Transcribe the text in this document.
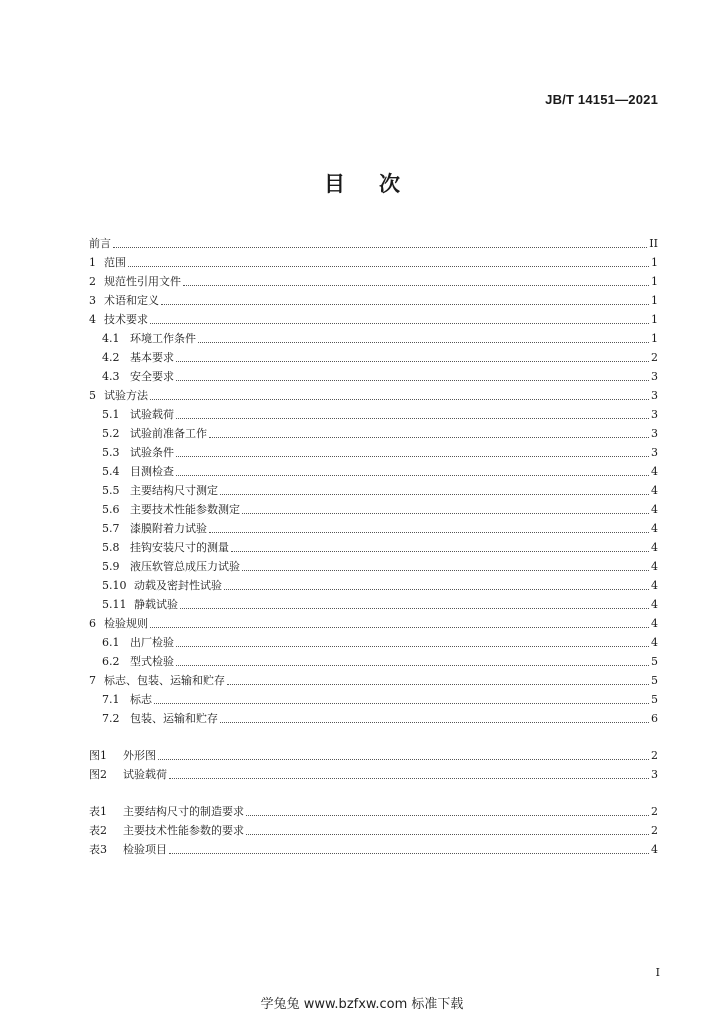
JB/T 14151—2021
目 次
前言	II
1 范围	1
2 规范性引用文件	1
3 术语和定义	1
4 技术要求	1
4.1 环境工作条件	1
4.2 基本要求	2
4.3 安全要求	3
5 试验方法	3
5.1 试验载荷	3
5.2 试验前准备工作	3
5.3 试验条件	3
5.4 目测检查	4
5.5 主要结构尺寸测定	4
5.6 主要技术性能参数测定	4
5.7 漆膜附着力试验	4
5.8 挂钩安装尺寸的测量	4
5.9 液压软管总成压力试验	4
5.10 动载及密封性试验	4
5.11 静载试验	4
6 检验规则	4
6.1 出厂检验	4
6.2 型式检验	5
7 标志、包装、运输和贮存	5
7.1 标志	5
7.2 包装、运输和贮存	6
图1	外形图	2
图2	试验载荷	3
表1	主要结构尺寸的制造要求	2
表2	主要技术性能参数的要求	2
表3	检验项目	4
I
学兔兔 www.bzfxw.com 标准下载
